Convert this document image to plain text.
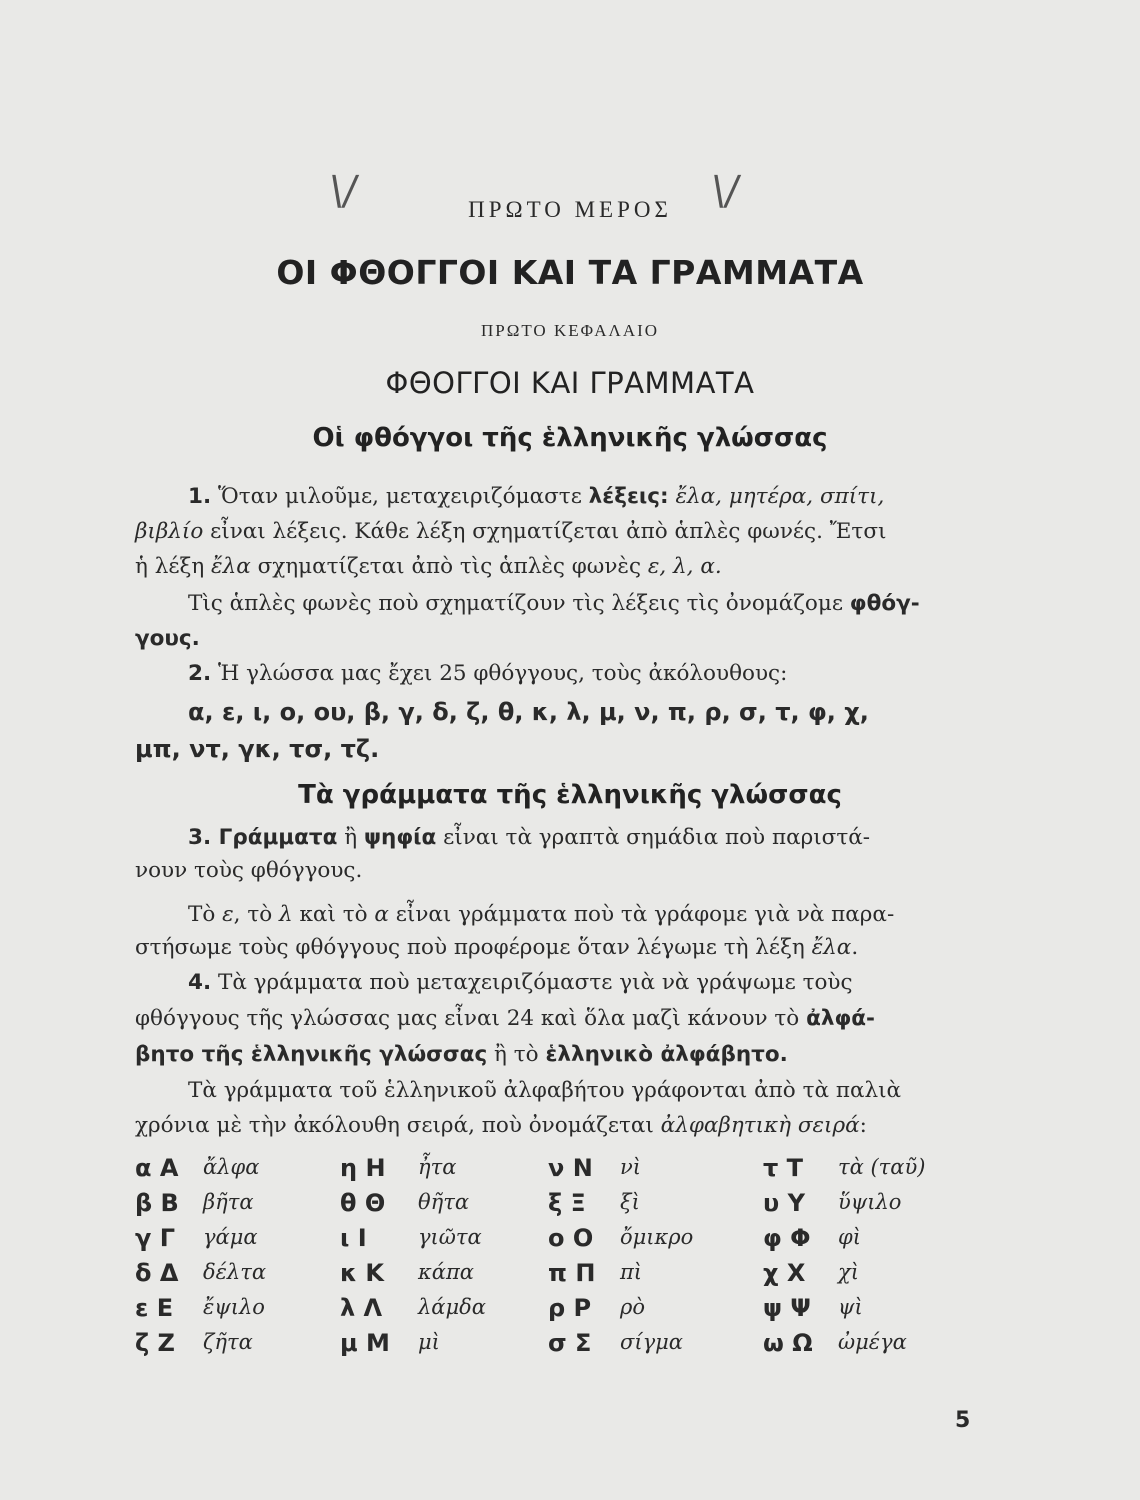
\/	\/
ΠΡΩΤΟ ΜΕΡΟΣ
ΟΙ ΦΘΟΓΓΟΙ ΚΑΙ ΤΑ ΓΡΑΜΜΑΤΑ
ΠΡΩΤΟ ΚΕΦΑΛΑΙΟ
ΦΘΟΓΓΟΙ ΚΑΙ ΓΡΑΜΜΑΤΑ
Οἱ φθόγγοι τῆς ἑλληνικῆς γλώσσας
1. Ὅταν μιλοῦμε, μεταχειριζόμαστε λέξεις: ἔλα, μητέρα, σπίτι,
βιβλίο εἶναι λέξεις. Κάθε λέξη σχηματίζεται ἀπὸ ἁπλὲς φωνές. Ἔτσι
ἡ λέξη ἔλα σχηματίζεται ἀπὸ τὶς ἁπλὲς φωνὲς ε, λ, α.
Τὶς ἁπλὲς φωνὲς ποὺ σχηματίζουν τὶς λέξεις τὶς ὀνομάζομε φθόγ-
γους.
2. Ἡ γλώσσα μας ἔχει 25 φθόγγους, τοὺς ἀκόλουθους:
α, ε, ι, ο, ου, β, γ, δ, ζ, θ, κ, λ, μ, ν, π, ρ, σ, τ, φ, χ,
μπ, ντ, γκ, τσ, τζ.
Τὰ γράμματα τῆς ἑλληνικῆς γλώσσας
3. Γράμματα ἢ ψηφία εἶναι τὰ γραπτὰ σημάδια ποὺ παριστά-
νουν τοὺς φθόγγους.
Τὸ ε, τὸ λ καὶ τὸ α εἶναι γράμματα ποὺ τὰ γράφομε γιὰ νὰ παρα-
στήσωμε τοὺς φθόγγους ποὺ προφέρομε ὅταν λέγωμε τὴ λέξη ἔλα.
4. Τὰ γράμματα ποὺ μεταχειριζόμαστε γιὰ νὰ γράψωμε τοὺς
φθόγγους τῆς γλώσσας μας εἶναι 24 καὶ ὅλα μαζὶ κάνουν τὸ ἀλφά-
βητο τῆς ἑλληνικῆς γλώσσας ἢ τὸ ἑλληνικὸ ἀλφάβητο.
Τὰ γράμματα τοῦ ἑλληνικοῦ ἀλφαβήτου γράφονται ἀπὸ τὰ παλιὰ
χρόνια μὲ τὴν ἀκόλουθη σειρά, ποὺ ὀνομάζεται ἀλφαβητικὴ σειρά:
α Α ἄλφα
β Β βῆτα
γ Γ γάμα
δ Δ δέλτα
ε Ε ἔψιλο
ζ Ζ ζῆτα
η Η ἦτα
θ Θ θῆτα
ι Ι γιῶτα
κ Κ κάπα
λ Λ λάμδα
μ Μ μὶ
ν Ν νὶ
ξ Ξ ξὶ
ο Ο ὄμικρο
π Π πὶ
ρ Ρ ρὸ
σ Σ σίγμα
τ Τ τὰ (ταῦ)
υ Υ ὕψιλο
φ Φ φὶ
χ Χ χὶ
ψ Ψ ψὶ
ω Ω ὠμέγα
5
